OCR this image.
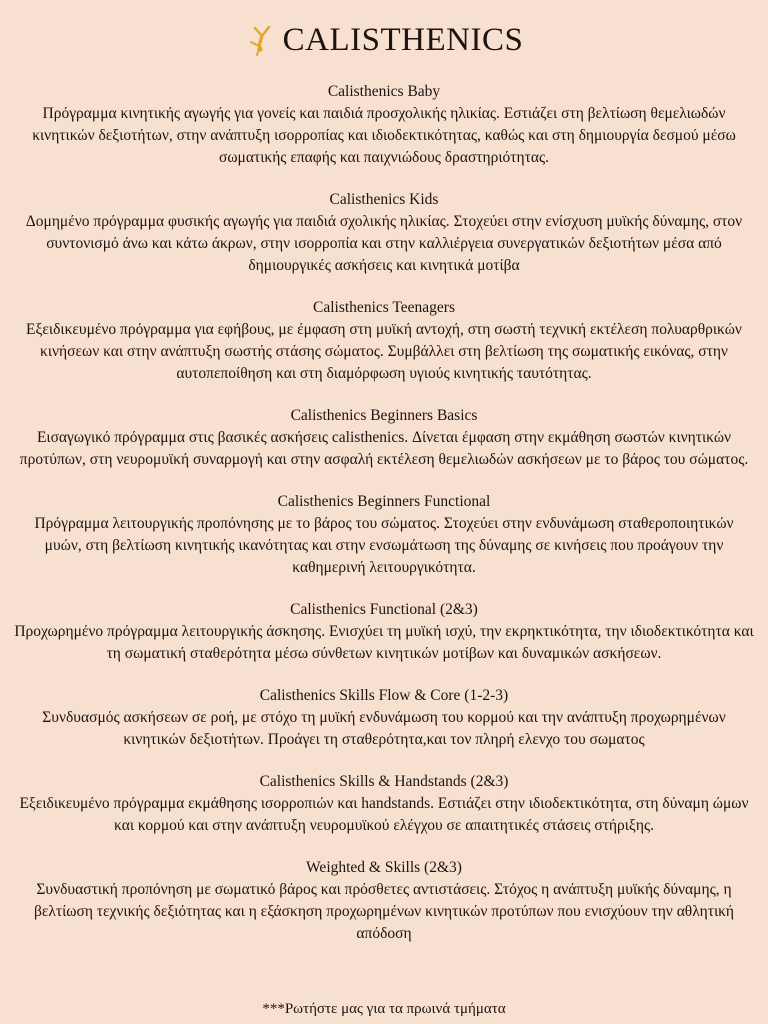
CALISTHENICS
Calisthenics Baby
Πρόγραμμα κινητικής αγωγής για γονείς και παιδιά προσχολικής ηλικίας. Εστιάζει στη βελτίωση θεμελιωδών κινητικών δεξιοτήτων, στην ανάπτυξη ισορροπίας και ιδιοδεκτικότητας, καθώς και στη δημιουργία δεσμού μέσω σωματικής επαφής και παιχνιώδους δραστηριότητας.
Calisthenics Kids
Δομημένο πρόγραμμα φυσικής αγωγής για παιδιά σχολικής ηλικίας. Στοχεύει στην ενίσχυση μυϊκής δύναμης, στον συντονισμό άνω και κάτω άκρων, στην ισορροπία και στην καλλιέργεια συνεργατικών δεξιοτήτων μέσα από δημιουργικές ασκήσεις και κινητικά μοτίβα
Calisthenics Teenagers
Εξειδικευμένο πρόγραμμα για εφήβους, με έμφαση στη μυϊκή αντοχή, στη σωστή τεχνική εκτέλεση πολυαρθρικών κινήσεων και στην ανάπτυξη σωστής στάσης σώματος. Συμβάλλει στη βελτίωση της σωματικής εικόνας, στην αυτοπεποίθηση και στη διαμόρφωση υγιούς κινητικής ταυτότητας.
Calisthenics Beginners Basics
Εισαγωγικό πρόγραμμα στις βασικές ασκήσεις calisthenics. Δίνεται έμφαση στην εκμάθηση σωστών κινητικών προτύπων, στη νευρομυϊκή συναρμογή και στην ασφαλή εκτέλεση θεμελιωδών ασκήσεων με το βάρος του σώματος.
Calisthenics Beginners Functional
Πρόγραμμα λειτουργικής προπόνησης με το βάρος του σώματος. Στοχεύει στην ενδυνάμωση σταθεροποιητικών μυών, στη βελτίωση κινητικής ικανότητας και στην ενσωμάτωση της δύναμης σε κινήσεις που προάγουν την καθημερινή λειτουργικότητα.
Calisthenics Functional (2&3)
Προχωρημένο πρόγραμμα λειτουργικής άσκησης. Ενισχύει τη μυϊκή ισχύ, την εκρηκτικότητα, την ιδιοδεκτικότητα και τη σωματική σταθερότητα μέσω σύνθετων κινητικών μοτίβων και δυναμικών ασκήσεων.
Calisthenics Skills Flow & Core (1-2-3)
Συνδυασμός ασκήσεων σε ροή, με στόχο τη μυϊκή ενδυνάμωση του κορμού και την ανάπτυξη προχωρημένων κινητικών δεξιοτήτων. Προάγει τη σταθερότητα,και τον πληρή ελενχο του σωματος
Calisthenics Skills & Handstands (2&3)
Εξειδικευμένο πρόγραμμα εκμάθησης ισορροπιών και handstands. Εστιάζει στην ιδιοδεκτικότητα, στη δύναμη ώμων και κορμού και στην ανάπτυξη νευρομυϊκού ελέγχου σε απαιτητικές στάσεις στήριξης.
Weighted & Skills (2&3)
Συνδυαστική προπόνηση με σωματικό βάρος και πρόσθετες αντιστάσεις. Στόχος η ανάπτυξη μυϊκής δύναμης, η βελτίωση τεχνικής δεξιότητας και η εξάσκηση προχωρημένων κινητικών προτύπων που ενισχύουν την αθλητική απόδοση
***Ρωτήστε μας για τα πρωινά τμήματα
